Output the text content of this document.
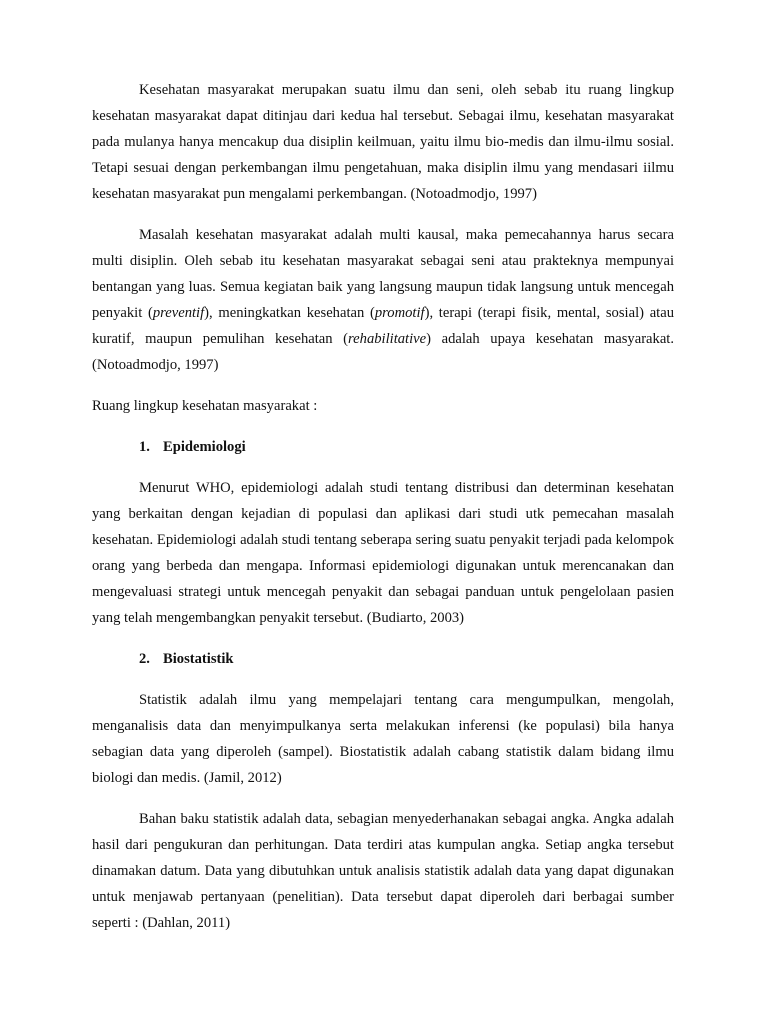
Kesehatan masyarakat merupakan suatu ilmu dan seni, oleh sebab itu ruang lingkup kesehatan masyarakat dapat ditinjau dari kedua hal tersebut. Sebagai ilmu, kesehatan masyarakat pada mulanya hanya mencakup dua disiplin keilmuan, yaitu ilmu bio-medis dan ilmu-ilmu sosial. Tetapi sesuai dengan perkembangan ilmu pengetahuan, maka disiplin ilmu yang mendasari iilmu kesehatan masyarakat pun mengalami perkembangan. (Notoadmodjo, 1997)

Masalah kesehatan masyarakat adalah multi kausal, maka pemecahannya harus secara multi disiplin. Oleh sebab itu kesehatan masyarakat sebagai seni atau prakteknya mempunyai bentangan yang luas. Semua kegiatan baik yang langsung maupun tidak langsung untuk mencegah penyakit (preventif), meningkatkan kesehatan (promotif), terapi (terapi fisik, mental, sosial) atau kuratif, maupun pemulihan kesehatan (rehabilitative) adalah upaya kesehatan masyarakat. (Notoadmodjo, 1997)

Ruang lingkup kesehatan masyarakat :

1. Epidemiologi

Menurut WHO, epidemiologi adalah studi tentang distribusi dan determinan kesehatan yang berkaitan dengan kejadian di populasi dan aplikasi dari studi utk pemecahan masalah kesehatan. Epidemiologi adalah studi tentang seberapa sering suatu penyakit terjadi pada kelompok orang yang berbeda dan mengapa. Informasi epidemiologi digunakan untuk merencanakan dan mengevaluasi strategi untuk mencegah penyakit dan sebagai panduan untuk pengelolaan pasien yang telah mengembangkan penyakit tersebut. (Budiarto, 2003)

2. Biostatistik

Statistik adalah ilmu yang mempelajari tentang cara mengumpulkan, mengolah, menganalisis data dan menyimpulkanya serta melakukan inferensi (ke populasi) bila hanya sebagian data yang diperoleh (sampel). Biostatistik adalah cabang statistik dalam bidang ilmu biologi dan medis. (Jamil, 2012)

Bahan baku statistik adalah data, sebagian menyederhanakan sebagai angka. Angka adalah hasil dari pengukuran dan perhitungan. Data terdiri atas kumpulan angka. Setiap angka tersebut dinamakan datum. Data yang dibutuhkan untuk analisis statistik adalah data yang dapat digunakan untuk menjawab pertanyaan (penelitian). Data tersebut dapat diperoleh dari berbagai sumber seperti : (Dahlan, 2011)
